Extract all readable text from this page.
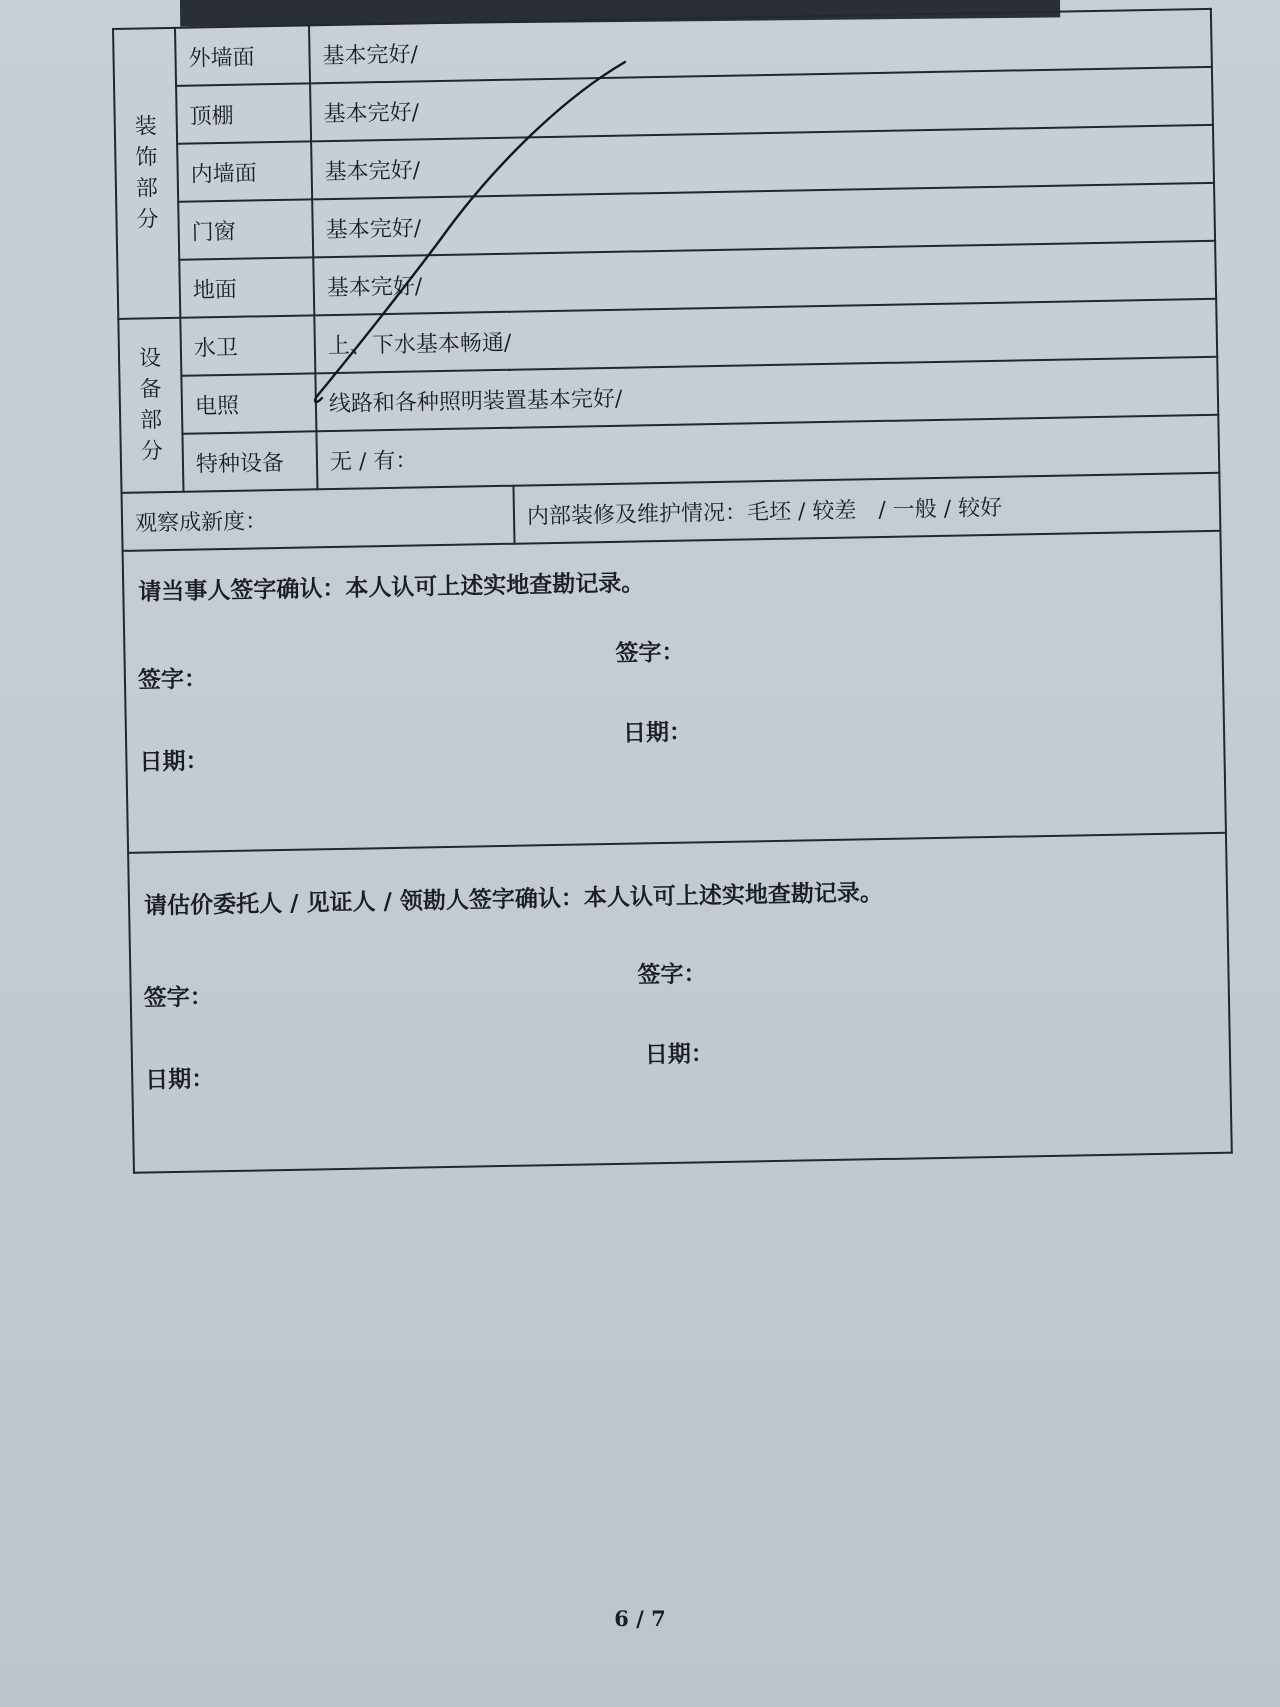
装
饰
部
分	外墙面	基本完好/	
	顶棚	基本完好/	
	内墙面	基本完好/	
	门窗	基本完好/	
	地面	基本完好/	

设
备
部
分	水卫	上、下水基本畅通/	
	电照	线路和各种照明装置基本完好/	
	特种设备	无 / 有：	
观察成新度：			内部装修及维护情况：毛坯 / 较差　/ 一般 / 较好

请当事人签字确认：本人认可上述实地查勘记录。
签字：
日期：
签字：
日期：			

请估价委托人 / 见证人 / 领勘人签字确认：本人认可上述实地查勘记录。
签字：
日期：
签字：
日期：			
6 / 7
